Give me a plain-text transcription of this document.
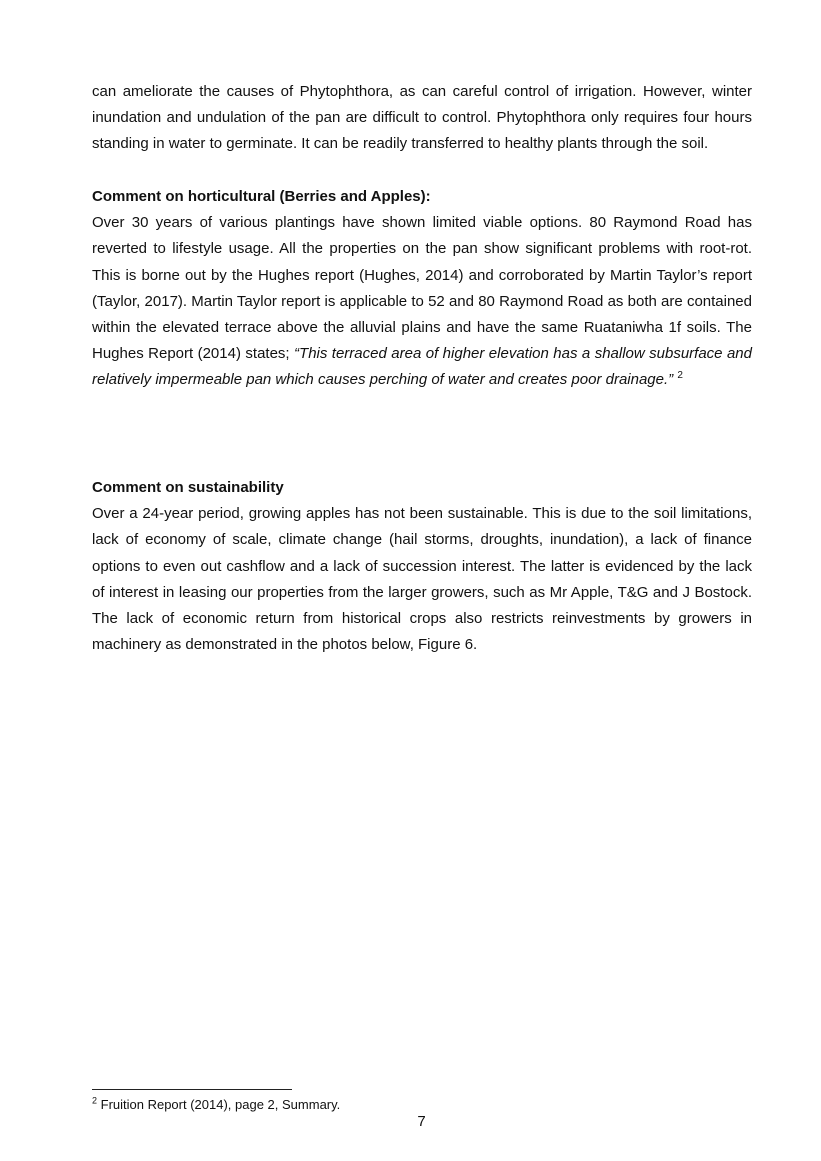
can ameliorate the causes of Phytophthora, as can careful control of irrigation. However, winter inundation and undulation of the pan are difficult to control. Phytophthora only requires four hours standing in water to germinate. It can be readily transferred to healthy plants through the soil.

Comment on horticultural (Berries and Apples):

Over 30 years of various plantings have shown limited viable options. 80 Raymond Road has reverted to lifestyle usage. All the properties on the pan show significant problems with root-rot. This is borne out by the Hughes report (Hughes, 2014) and corroborated by Martin Taylor’s report (Taylor, 2017). Martin Taylor report is applicable to 52 and 80 Raymond Road as both are contained within the elevated terrace above the alluvial plains and have the same Ruataniwha 1f soils. The Hughes Report (2014) states; “This terraced area of higher elevation has a shallow subsurface and relatively impermeable pan which causes perching of water and creates poor drainage.” $^2$

Comment on sustainability

Over a 24-year period, growing apples has not been sustainable. This is due to the soil limitations, lack of economy of scale, climate change (hail storms, droughts, inundation), a lack of finance options to even out cashflow and a lack of succession interest. The latter is evidenced by the lack of interest in leasing our properties from the larger growers, such as Mr Apple, T&G and J Bostock. The lack of economic return from historical crops also restricts reinvestments by growers in machinery as demonstrated in the photos below, Figure 6.

$^2$ Fruition Report (2014), page 2, Summary.

7
